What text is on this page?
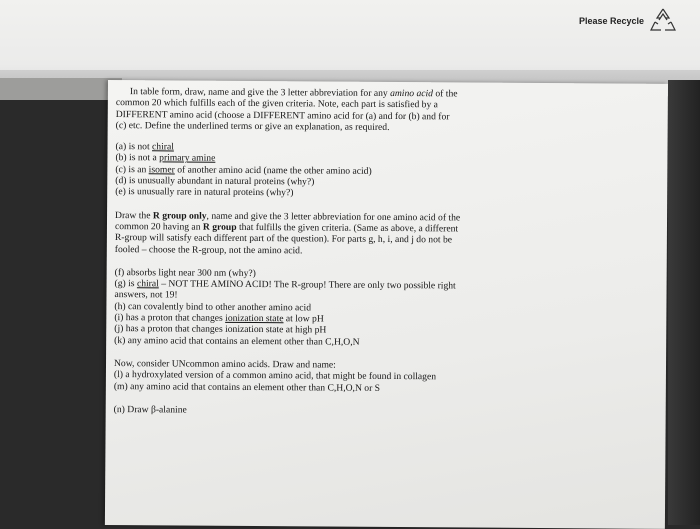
Please Recycle

In table form, draw, name and give the 3 letter abbreviation for any amino acid of the
common 20 which fulfills each of the given criteria. Note, each part is satisfied by a
DIFFERENT amino acid (choose a DIFFERENT amino acid for (a) and for (b) and for
(c) etc. Define the underlined terms or give an explanation, as required.

(a) is not chiral
(b) is not a primary amine
(c) is an isomer of another amino acid (name the other amino acid)
(d) is unusually abundant in natural proteins (why?)
(e) is unusually rare in natural proteins (why?)

Draw the R group only, name and give the 3 letter abbreviation for one amino acid of the
common 20 having an R group that fulfills the given criteria. (Same as above, a different
R-group will satisfy each different part of the question). For parts g, h, i, and j do not be
fooled – choose the R-group, not the amino acid.

(f) absorbs light near 300 nm (why?)
(g) is chiral – NOT THE AMINO ACID! The R-group! There are only two possible right
answers, not 19!
(h) can covalently bind to other another amino acid
(i) has a proton that changes ionization state at low pH
(j) has a proton that changes ionization state at high pH
(k) any amino acid that contains an element other than C,H,O,N

Now, consider UNcommon amino acids. Draw and name:
(l) a hydroxylated version of a common amino acid, that might be found in collagen
(m) any amino acid that contains an element other than C,H,O,N or S

(n) Draw β-alanine
